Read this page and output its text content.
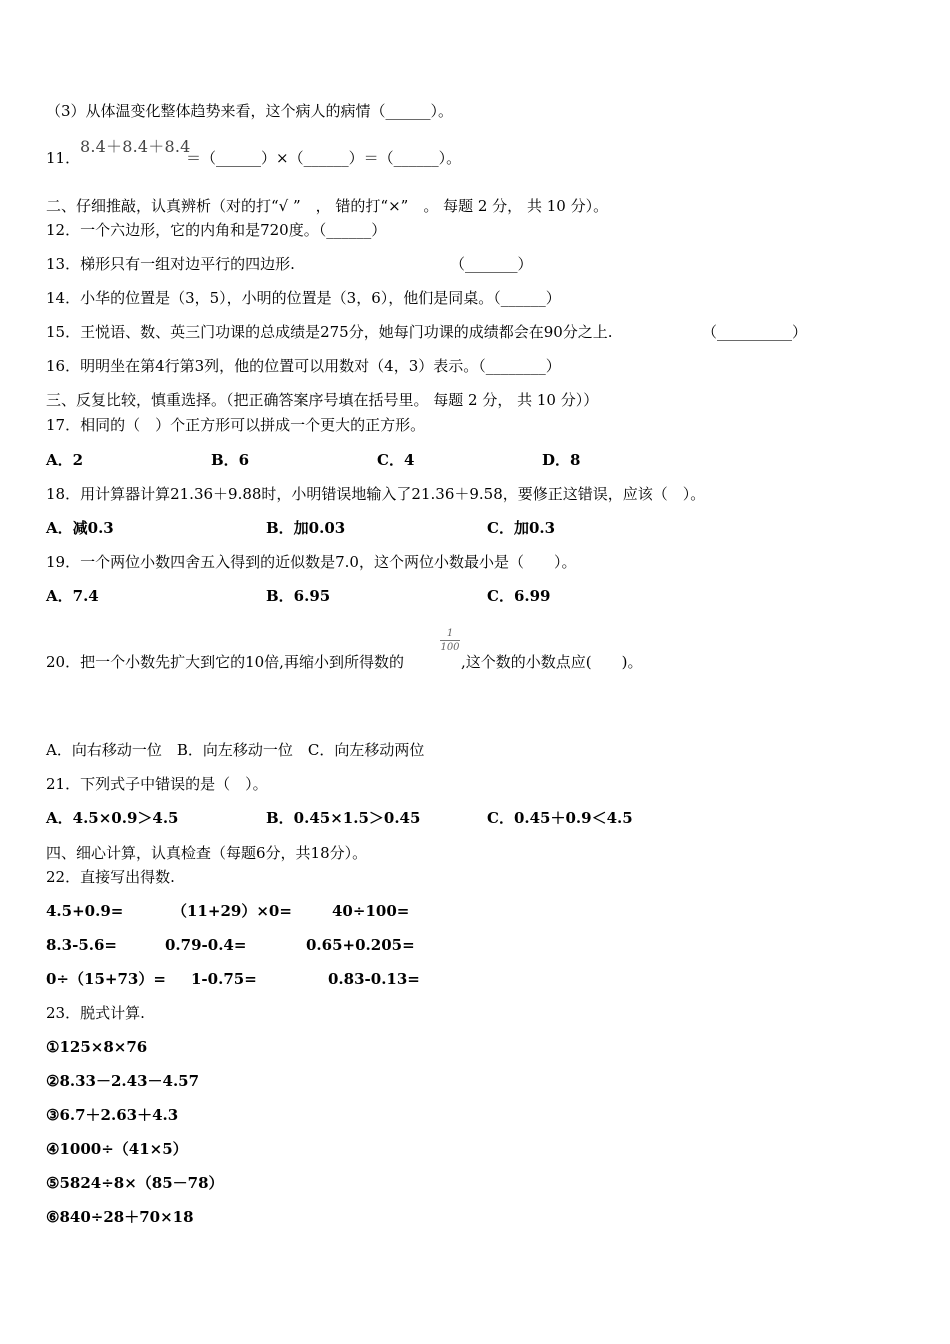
（3）从体温变化整体趋势来看，这个病人的病情（______）。
11．
8.4＋8.4＋8.4
＝（______）×（______）＝（______）。
二、仔细推敲，认真辨析（对的打“√ ”　， 错的打“×”　。 每题 2 分， 共 10 分）。
12．一个六边形，它的内角和是720度。（______）
13．梯形只有一组对边平行的四边形.	（_______）
14．小华的位置是（3，5），小明的位置是（3，6），他们是同桌。（______）
15．王悦语、数、英三门功课的总成绩是275分，她每门功课的成绩都会在90分之上.	（__________）
16．明明坐在第4行第3列，他的位置可以用数对（4，3）表示。（________）
三、反复比较，慎重选择。（把正确答案序号填在括号里。 每题 2 分， 共 10 分））
17．相同的（　）个正方形可以拼成一个更大的正方形。
A．2	B．6	C．4	D．8
18．用计算器计算21.36＋9.88时，小明错误地输入了21.36＋9.58，要修正这错误，应该（　）。
A．减0.3	B．加0.03	C．加0.3
19．一个两位小数四舍五入得到的近似数是7.0，这个两位小数最小是（　　）。
A．7.4	B．6.95	C．6.99
20．把一个小数先扩大到它的10倍,再缩小到所得数的
1
100
,这个数的小数点应(　　)。
A．向右移动一位　B．向左移动一位　C．向左移动两位
21．下列式子中错误的是（　）。
A．4.5×0.9＞4.5	B．0.45×1.5＞0.45	C．0.45＋0.9＜4.5
四、细心计算，认真检查（每题6分，共18分）。
22．直接写出得数.
4.5+0.9=	（11+29）×0=	40÷100=
8.3-5.6=	0.79-0.4=	0.65+0.205=
0÷（15+73）= 1-0.75=	0.83-0.13=
23．脱式计算.
①125×8×76
②8.33－2.43－4.57
③6.7＋2.63＋4.3
④1000÷（41×5）
⑤5824÷8×（85－78）
⑥840÷28＋70×18
